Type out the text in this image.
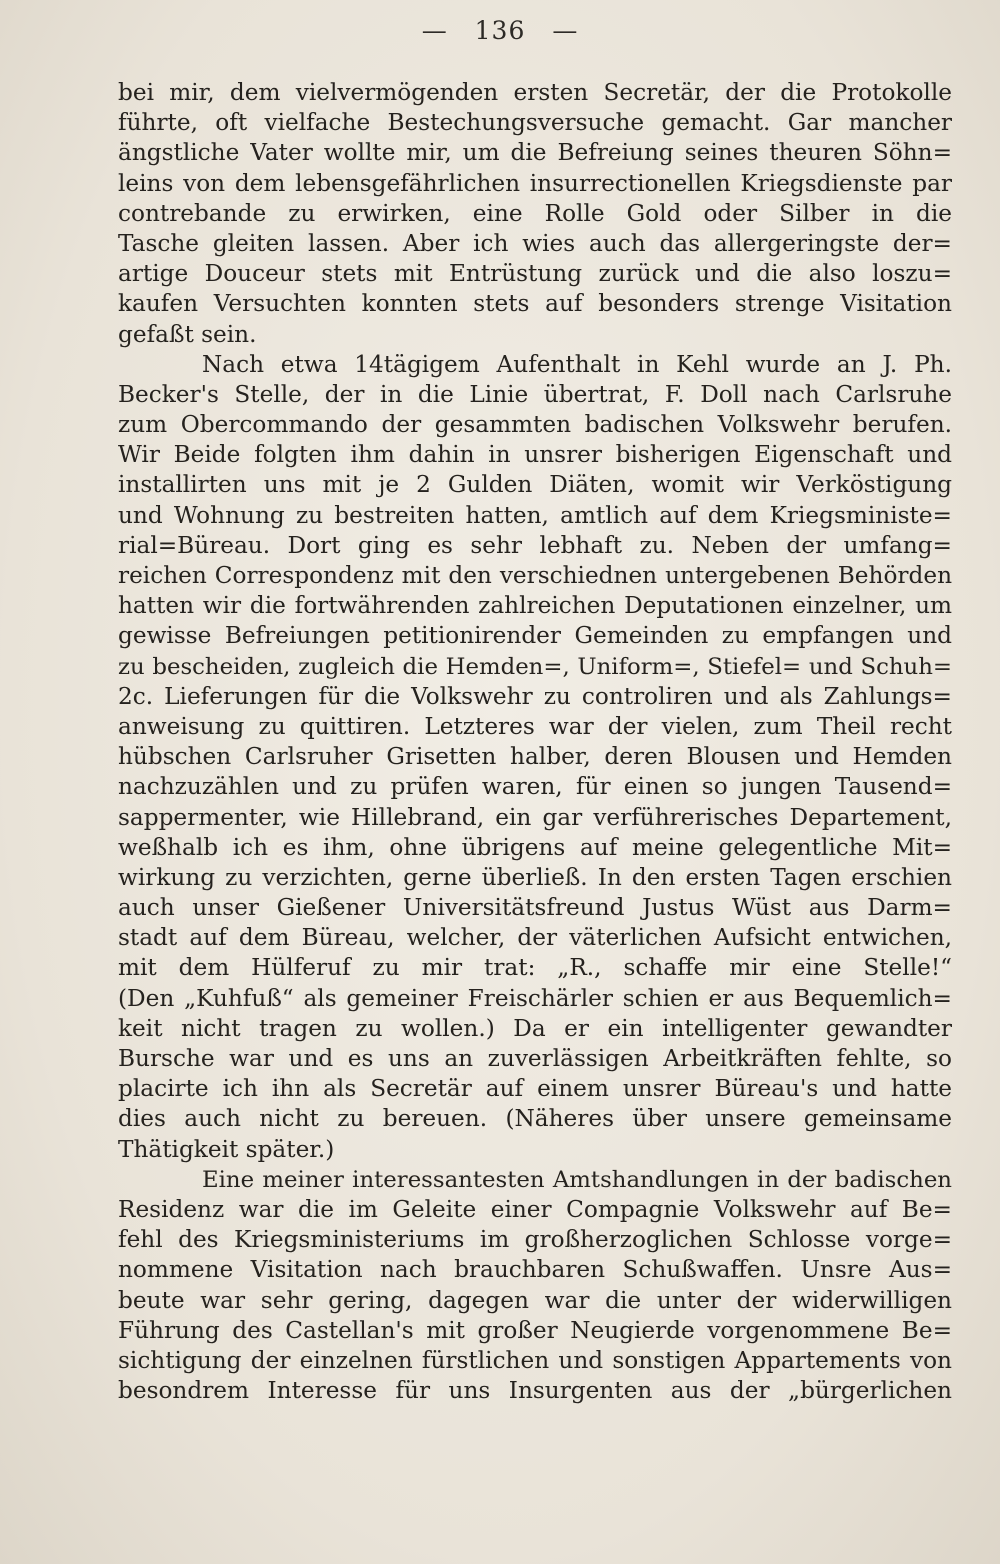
— 136 —
bei mir, dem vielvermögenden ersten Secretär, der die Protokolle
führte, oft vielfache Bestechungsversuche gemacht. Gar mancher
ängstliche Vater wollte mir, um die Befreiung seines theuren Söhn=
leins von dem lebensgefährlichen insurrectionellen Kriegsdienste par
contrebande zu erwirken, eine Rolle Gold oder Silber in die
Tasche gleiten lassen. Aber ich wies auch das allergeringste der=
artige Douceur stets mit Entrüstung zurück und die also loszu=
kaufen Versuchten konnten stets auf besonders strenge Visitation
gefaßt sein.
Nach etwa 14tägigem Aufenthalt in Kehl wurde an J. Ph.
Becker's Stelle, der in die Linie übertrat, F. Doll nach Carlsruhe
zum Obercommando der gesammten badischen Volkswehr berufen.
Wir Beide folgten ihm dahin in unsrer bisherigen Eigenschaft und
installirten uns mit je 2 Gulden Diäten, womit wir Verköstigung
und Wohnung zu bestreiten hatten, amtlich auf dem Kriegsministe=
rial=Büreau. Dort ging es sehr lebhaft zu. Neben der umfang=
reichen Correspondenz mit den verschiednen untergebenen Behörden
hatten wir die fortwährenden zahlreichen Deputationen einzelner, um
gewisse Befreiungen petitionirender Gemeinden zu empfangen und
zu bescheiden, zugleich die Hemden=, Uniform=, Stiefel= und Schuh=
2c. Lieferungen für die Volkswehr zu controliren und als Zahlungs=
anweisung zu quittiren. Letzteres war der vielen, zum Theil recht
hübschen Carlsruher Grisetten halber, deren Blousen und Hemden
nachzuzählen und zu prüfen waren, für einen so jungen Tausend=
sappermenter, wie Hillebrand, ein gar verführerisches Departement,
weßhalb ich es ihm, ohne übrigens auf meine gelegentliche Mit=
wirkung zu verzichten, gerne überließ. In den ersten Tagen erschien
auch unser Gießener Universitätsfreund Justus Wüst aus Darm=
stadt auf dem Büreau, welcher, der väterlichen Aufsicht entwichen,
mit dem Hülferuf zu mir trat: „R., schaffe mir eine Stelle!“
(Den „Kuhfuß“ als gemeiner Freischärler schien er aus Bequemlich=
keit nicht tragen zu wollen.) Da er ein intelligenter gewandter
Bursche war und es uns an zuverlässigen Arbeitkräften fehlte, so
placirte ich ihn als Secretär auf einem unsrer Büreau's und hatte
dies auch nicht zu bereuen. (Näheres über unsere gemeinsame
Thätigkeit später.)
Eine meiner interessantesten Amtshandlungen in der badischen
Residenz war die im Geleite einer Compagnie Volkswehr auf Be=
fehl des Kriegsministeriums im großherzoglichen Schlosse vorge=
nommene Visitation nach brauchbaren Schußwaffen. Unsre Aus=
beute war sehr gering, dagegen war die unter der widerwilligen
Führung des Castellan's mit großer Neugierde vorgenommene Be=
sichtigung der einzelnen fürstlichen und sonstigen Appartements von
besondrem Interesse für uns Insurgenten aus der „bürgerlichen
